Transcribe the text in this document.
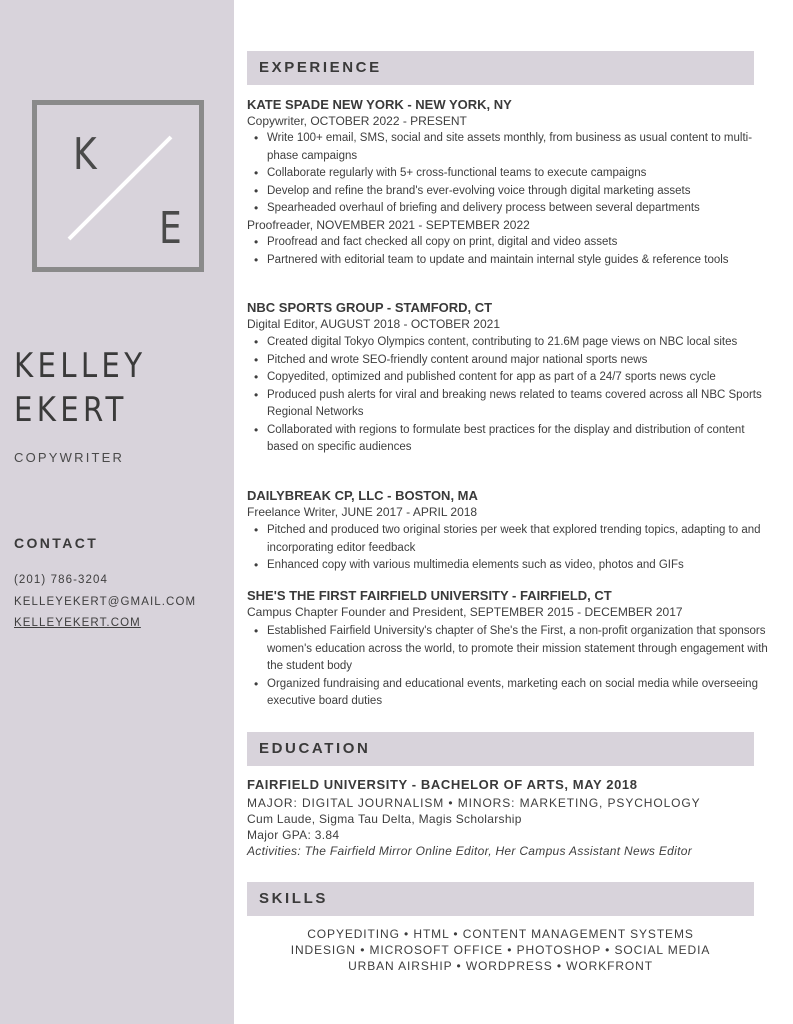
K
E
KELLEY
EKERT
COPYWRITER
CONTACT
(201) 786-3204
KELLEYEKERT@GMAIL.COM
KELLEYEKERT.COM
EXPERIENCE
KATE SPADE NEW YORK - NEW YORK, NY
Copywriter, OCTOBER 2022 - PRESENT
• Write 100+ email, SMS, social and site assets monthly, from business as usual content to multi-phase campaigns
• Collaborate regularly with 5+ cross-functional teams to execute campaigns
• Develop and refine the brand's ever-evolving voice through digital marketing assets
• Spearheaded overhaul of briefing and delivery process between several departments
Proofreader, NOVEMBER 2021 - SEPTEMBER 2022
• Proofread and fact checked all copy on print, digital and video assets
• Partnered with editorial team to update and maintain internal style guides & reference tools
NBC SPORTS GROUP - STAMFORD, CT
Digital Editor, AUGUST 2018 - OCTOBER 2021
• Created digital Tokyo Olympics content, contributing to 21.6M page views on NBC local sites
• Pitched and wrote SEO-friendly content around major national sports news
• Copyedited, optimized and published content for app as part of a 24/7 sports news cycle
• Produced push alerts for viral and breaking news related to teams covered across all NBC Sports Regional Networks
• Collaborated with regions to formulate best practices for the display and distribution of content based on specific audiences
DAILYBREAK CP, LLC - BOSTON, MA
Freelance Writer, JUNE 2017 - APRIL 2018
• Pitched and produced two original stories per week that explored trending topics, adapting to and incorporating editor feedback
• Enhanced copy with various multimedia elements such as video, photos and GIFs
SHE'S THE FIRST FAIRFIELD UNIVERSITY - FAIRFIELD, CT
Campus Chapter Founder and President, SEPTEMBER 2015 - DECEMBER 2017
• Established Fairfield University's chapter of She's the First, a non-profit organization that sponsors women's education across the world, to promote their mission statement through engagement with the student body
• Organized fundraising and educational events, marketing each on social media while overseeing executive board duties
EDUCATION
FAIRFIELD UNIVERSITY - BACHELOR OF ARTS, MAY 2018
MAJOR: DIGITAL JOURNALISM • MINORS: MARKETING, PSYCHOLOGY
Cum Laude, Sigma Tau Delta, Magis Scholarship
Major GPA: 3.84
Activities: The Fairfield Mirror Online Editor, Her Campus Assistant News Editor
SKILLS
COPYEDITING • HTML • CONTENT MANAGEMENT SYSTEMS
INDESIGN • MICROSOFT OFFICE • PHOTOSHOP • SOCIAL MEDIA
URBAN AIRSHIP • WORDPRESS • WORKFRONT
